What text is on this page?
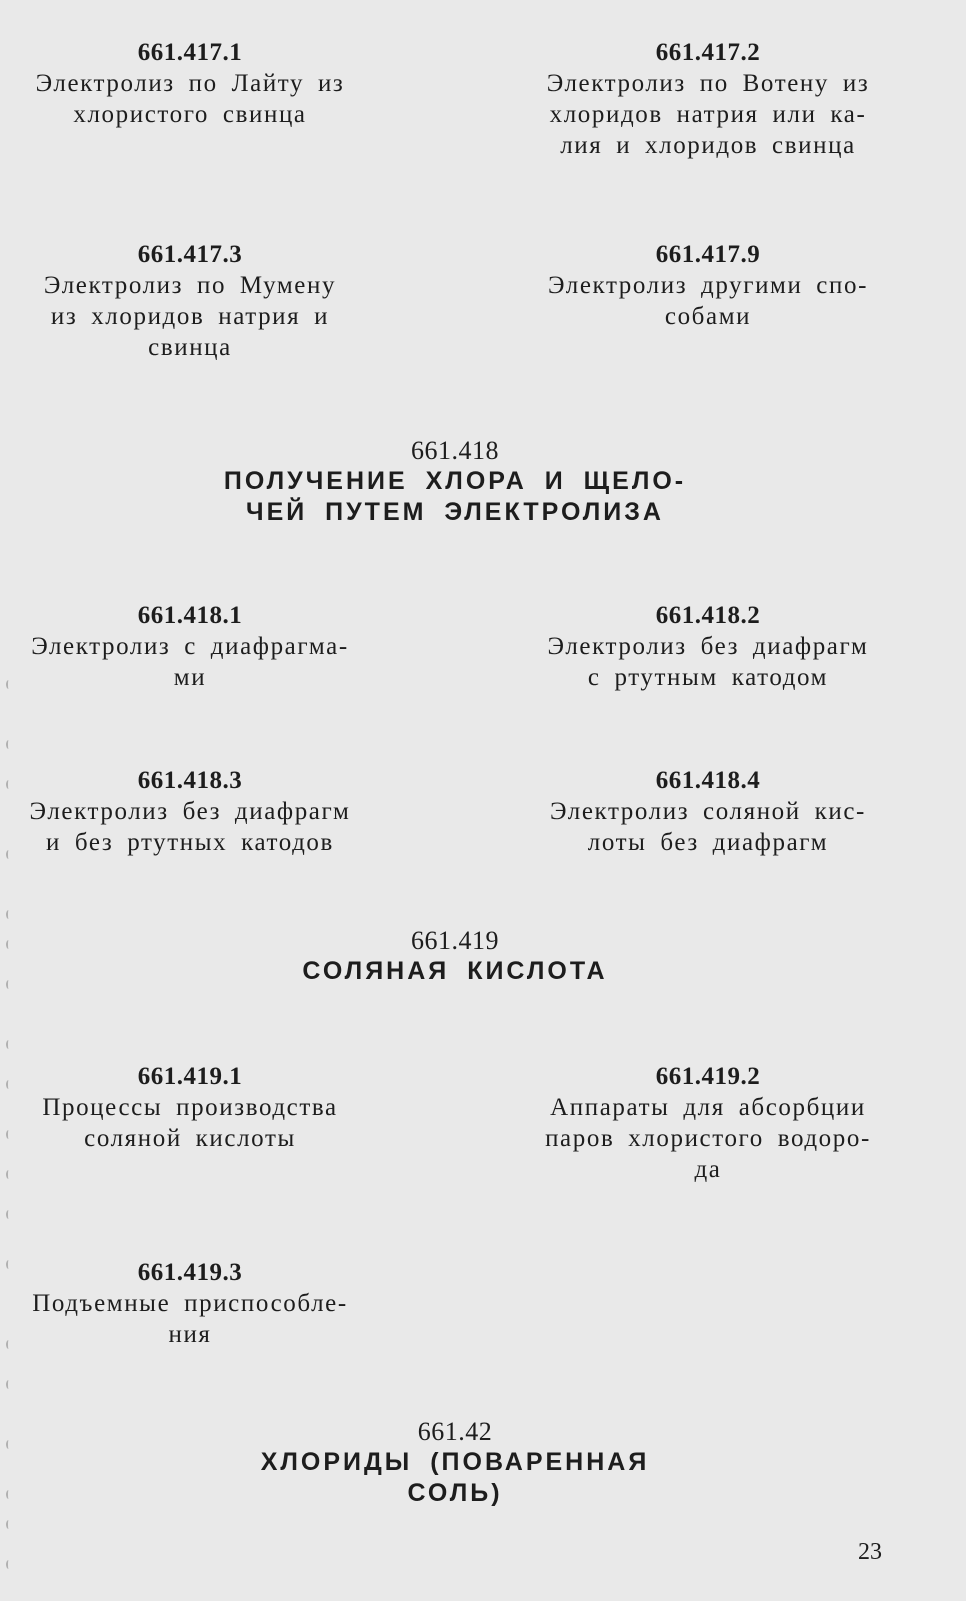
661.417.1
Электролиз по Лайту из
хлористого свинца
661.417.2
Электролиз по Вотену из
хлоридов натрия или ка-
лия и хлоридов свинца
661.417.3
Электролиз по Мумену
из хлоридов натрия и
свинца
661.417.9
Электролиз другими спо-
собами
661.418
ПОЛУЧЕНИЕ ХЛОРА И ЩЕЛО-
ЧЕЙ ПУТЕМ ЭЛЕКТРОЛИЗА
661.418.1
Электролиз с диафрагма-
ми
661.418.2
Электролиз без диафрагм
с ртутным катодом
661.418.3
Электролиз без диафрагм
и без ртутных катодов
661.418.4
Электролиз соляной кис-
лоты без диафрагм
661.419
СОЛЯНАЯ КИСЛОТА
661.419.1
Процессы производства
соляной кислоты
661.419.2
Аппараты для абсорбции
паров хлористого водоро-
да
661.419.3
Подъемные приспособле-
ния
661.42
ХЛОРИДЫ (ПОВАРЕННАЯ
СОЛЬ)
23
